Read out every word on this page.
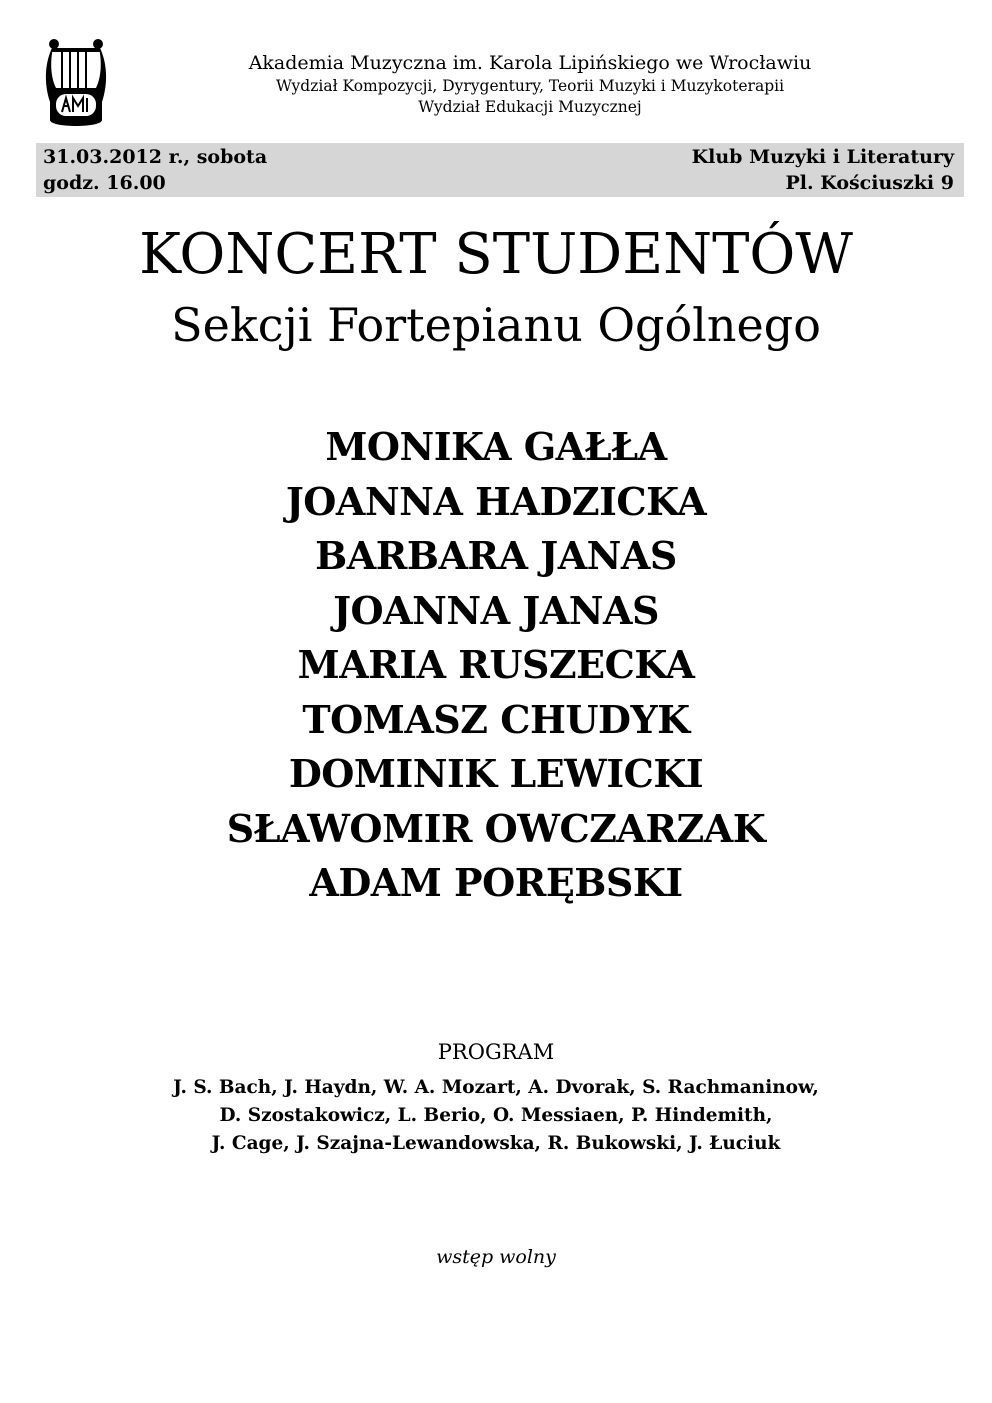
Akademia Muzyczna im. Karola Lipińskiego we Wrocławiu
Wydział Kompozycji, Dyrygentury, Teorii Muzyki i Muzykoterapii
Wydział Edukacji Muzycznej
31.03.2012 r., sobota
godz. 16.00
Klub Muzyki i Literatury
Pl. Kościuszki 9
KONCERT STUDENTÓW
Sekcji Fortepianu Ogólnego
MONIKA GAŁŁA
JOANNA HADZICKA
BARBARA JANAS
JOANNA JANAS
MARIA RUSZECKA
TOMASZ CHUDYK
DOMINIK LEWICKI
SŁAWOMIR OWCZARZAK
ADAM PORĘBSKI
PROGRAM
J. S. Bach, J. Haydn, W. A. Mozart, A. Dvorak, S. Rachmaninow,
D. Szostakowicz, L. Berio, O. Messiaen, P. Hindemith,
J. Cage, J. Szajna-Lewandowska, R. Bukowski, J. Łuciuk
wstęp wolny
